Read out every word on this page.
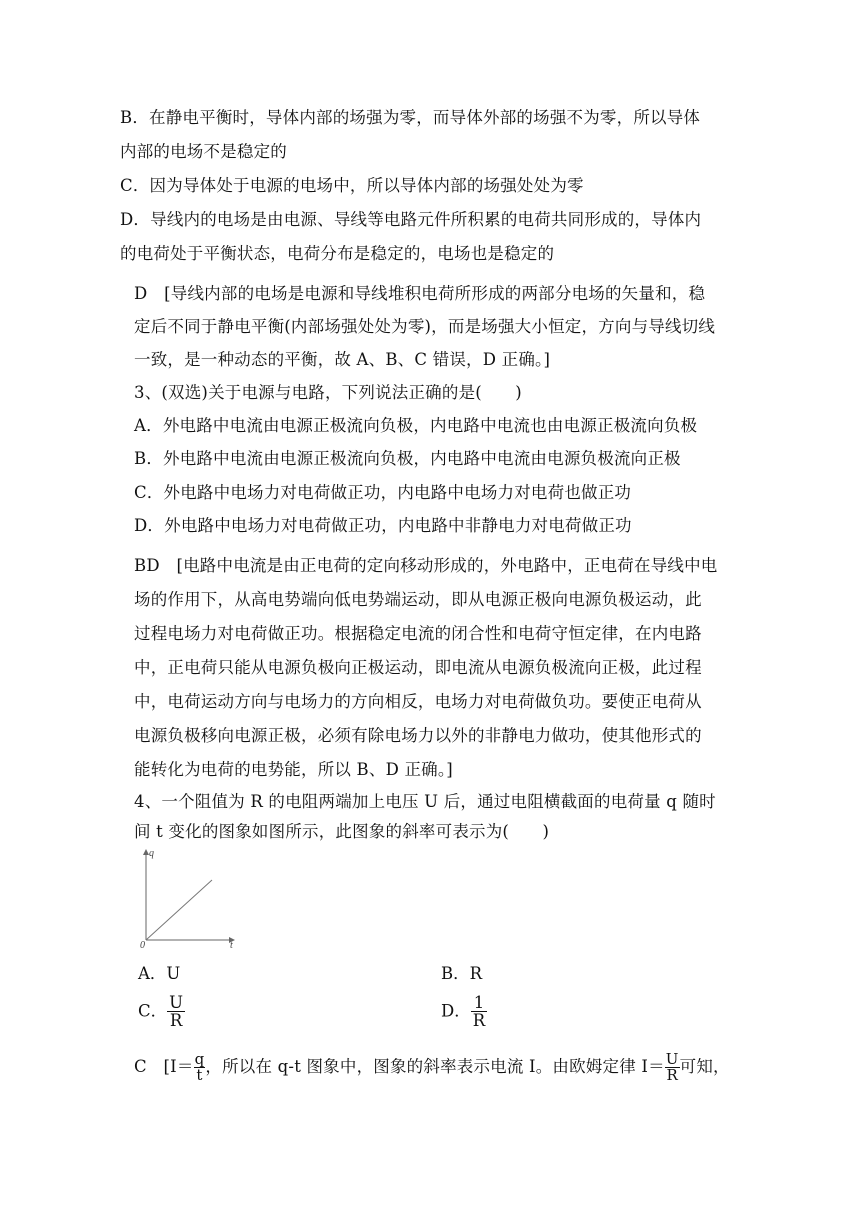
B．在静电平衡时，导体内部的场强为零，而导体外部的场强不为零，所以导体
内部的电场不是稳定的
C．因为导体处于电源的电场中，所以导体内部的场强处处为零
D．导线内的电场是由电源、导线等电路元件所积累的电荷共同形成的，导体内
的电荷处于平衡状态，电荷分布是稳定的，电场也是稳定的
D　[导线内部的电场是电源和导线堆积电荷所形成的两部分电场的矢量和，稳
定后不同于静电平衡(内部场强处处为零)，而是场强大小恒定，方向与导线切线
一致，是一种动态的平衡，故 A、B、C 错误，D 正确。]
3、(双选)关于电源与电路，下列说法正确的是(　　)
A．外电路中电流由电源正极流向负极，内电路中电流也由电源正极流向负极
B．外电路中电流由电源正极流向负极，内电路中电流由电源负极流向正极
C．外电路中电场力对电荷做正功，内电路中电场力对电荷也做正功
D．外电路中电场力对电荷做正功，内电路中非静电力对电荷做正功
BD　[电路中电流是由正电荷的定向移动形成的，外电路中，正电荷在导线中电
场的作用下，从高电势端向低电势端运动，即从电源正极向电源负极运动，此
过程电场力对电荷做正功。根据稳定电流的闭合性和电荷守恒定律，在内电路
中，正电荷只能从电源负极向正极运动，即电流从电源负极流向正极，此过程
中，电荷运动方向与电场力的方向相反，电场力对电荷做负功。要使正电荷从
电源负极移向电源正极，必须有除电场力以外的非静电力做功，使其他形式的
能转化为电荷的电势能，所以 B、D 正确。]
4、一个阻值为 R 的电阻两端加上电压 U 后，通过电阻横截面的电荷量 q 随时
间 t 变化的图象如图所示，此图象的斜率可表示为(　　)
q
t
0
A．U	B．R
C． $\frac{U}{R}$	D． $\frac{1}{R}$
C　[$I= \frac{q}{t}$ ，所以在 q-t 图象中，图象的斜率表示电流 I。由欧姆定律 $I= \frac{U}{R}$ 可知，
